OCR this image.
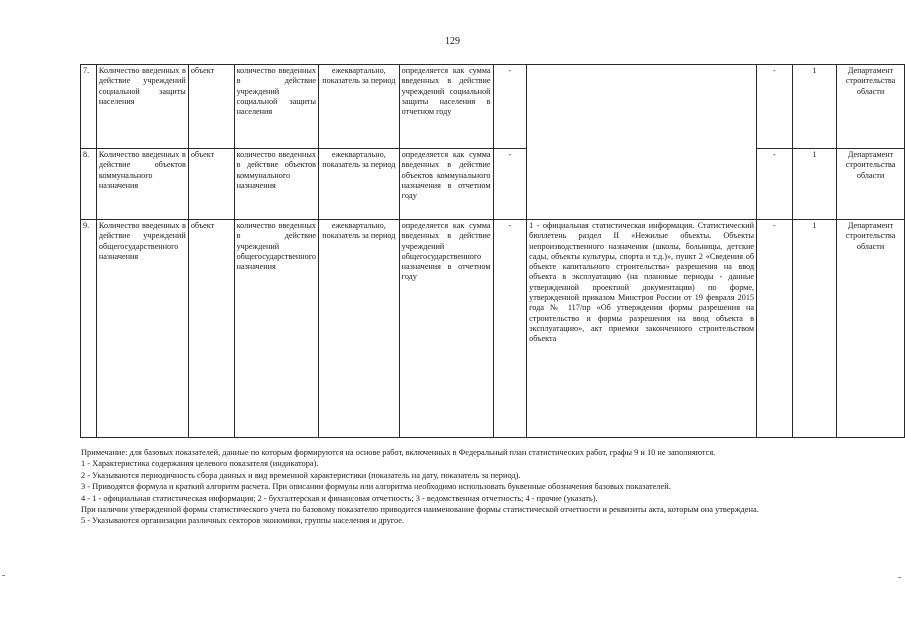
129
7.	Количество введенных в действие учреждений социальной защиты населения	объект	количество введенных в действие учреждений социальной защиты населения	ежеквартально, показатель за период	определяется как сумма введенных в действие учреждений социальной защиты населения в отчетном году	-		-	1	Департамент строительства области
8.	Количество введенных в действие объектов коммунального назначения	объект	количество введенных в действие объектов коммунального назначения	ежеквартально, показатель за период	определяется как сумма введенных в действие объектов коммунального назначения в отчетном году	-		-	1	Департамент строительства области
9.	Количество введенных в действие учреждений общегосударственного назначения	объект	количество введенных в действие учреждений общегосударственного назначения	ежеквартально, показатель за период	определяется как сумма введенных в действие учреждений общегосударственного назначения в отчетном году	-	1 - официальная статистическая информация. Статистический бюллетень раздел II «Нежилые объекты. Объекты непроизводственного назначения (школы, больницы, детские сады, объекты культуры, спорта и т.д.)», пункт 2 «Сведения об объекте капитального строительства» разрешения на ввод объекта в эксплуатацию (на плановые периоды - данные утвержденной проектной документации) по форме, утвержденной приказом Минстроя России от 19 февраля 2015 года № 117/пр «Об утверждении формы разрешения на строительство и формы разрешения на ввод объекта в эксплуатацию», акт приемки законченного строительством объекта	-	1	Департамент строительства области

Примечание: для базовых показателей, данные по которым формируются на основе работ, включенных в Федеральный план статистических работ, графы 9 и 10 не заполняются.

1 - Характеристика содержания целевого показателя (индикатора).

2 - Указываются периодичность сбора данных и вид временной характеристики (показатель на дату, показатель за период).

3 - Приводятся формула и краткий алгоритм расчета. При описании формулы или алгоритма необходимо использовать буквенные обозначения базовых показателей.

4 - 1 - официальная статистическая информация; 2 - бухгалтерская и финансовая отчетность; 3 - ведомственная отчетность; 4 - прочие (указать).

При наличии утвержденной формы статистического учета по базовому показателю приводится наименование формы статистической отчетности и реквизиты акта, которым она утверждена.

5 - Указываются организации различных секторов экономики, группы населения и другое.
